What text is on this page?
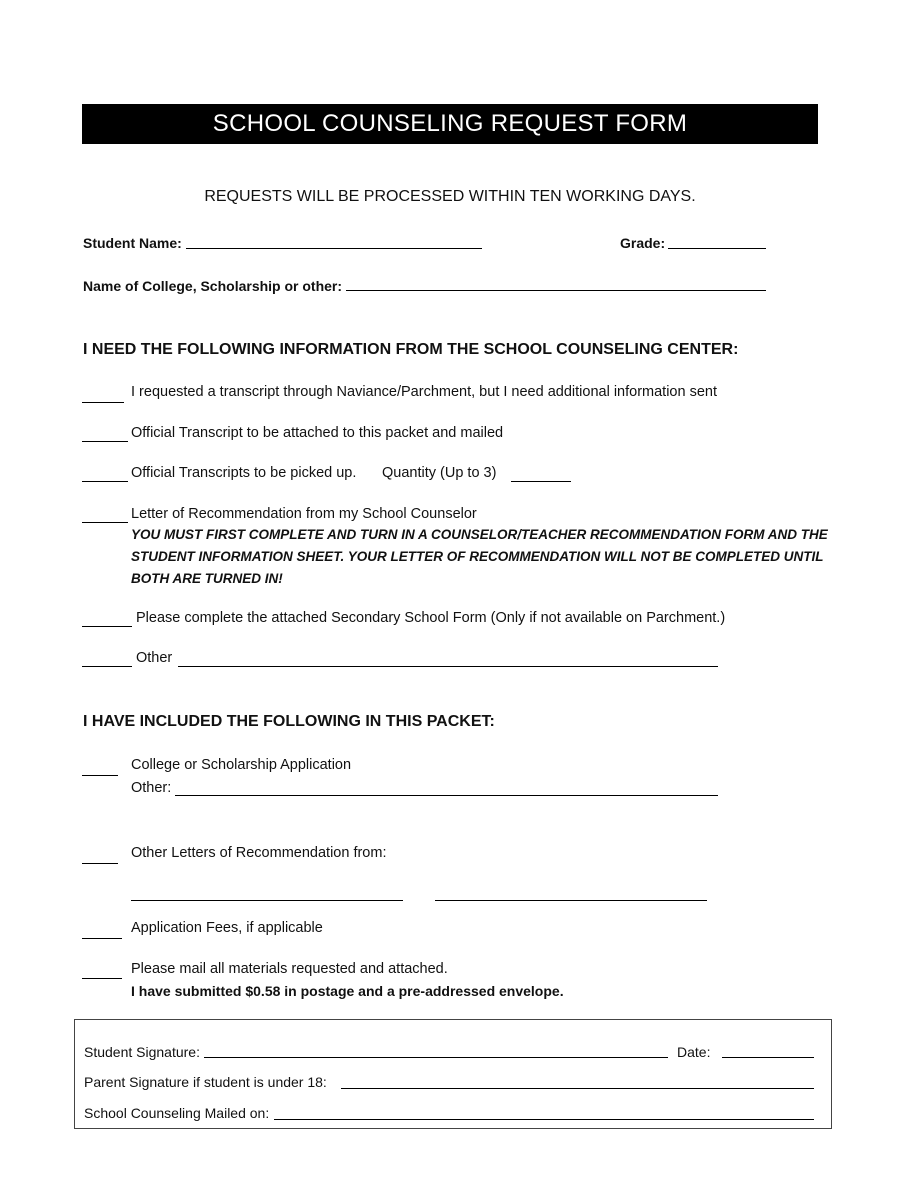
SCHOOL COUNSELING REQUEST FORM
REQUESTS WILL BE PROCESSED WITHIN TEN WORKING DAYS.
Student Name:	Grade:
Name of College, Scholarship or other:
I NEED THE FOLLOWING INFORMATION FROM THE SCHOOL COUNSELING CENTER:
I requested a transcript through Naviance/Parchment, but I need additional information sent
Official Transcript to be attached to this packet and mailed
Official Transcripts to be picked up. Quantity (Up to 3)
Letter of Recommendation from my School Counselor
YOU MUST FIRST COMPLETE AND TURN IN A COUNSELOR/TEACHER RECOMMENDATION FORM AND THE
STUDENT INFORMATION SHEET. YOUR LETTER OF RECOMMENDATION WILL NOT BE COMPLETED UNTIL
BOTH ARE TURNED IN!
Please complete the attached Secondary School Form (Only if not available on Parchment.)
Other
I HAVE INCLUDED THE FOLLOWING IN THIS PACKET:
College or Scholarship Application
Other:
Other Letters of Recommendation from:
Application Fees, if applicable
Please mail all materials requested and attached.
I have submitted $0.58 in postage and a pre-addressed envelope.
Student Signature:	Date:
Parent Signature if student is under 18:
School Counseling Mailed on:
